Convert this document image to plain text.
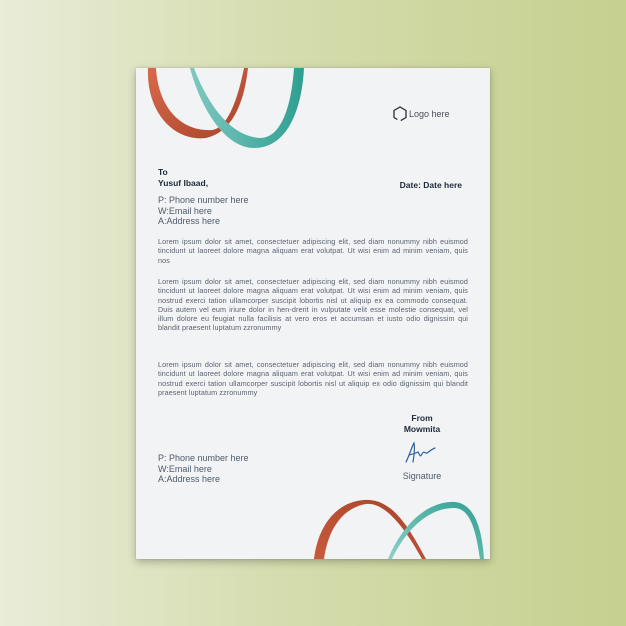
Logo here
Date: Date here
To
Yusuf Ibaad,
P: Phone number here
W:Email here
A:Address here
Lorem ipsum dolor sit amet, consectetuer adipiscing elit, sed diam nonummy nibh euismod tincidunt ut laoreet dolore magna aliquam erat volutpat. Ut wisi enim ad minim veniam, quis nos
Lorem ipsum dolor sit amet, consectetuer adipiscing elit, sed diam nonummy nibh euismod tincidunt ut laoreet dolore magna aliquam erat volutpat. Ut wisi enim ad minim veniam, quis nostrud exerci tation ullamcorper suscipit lobortis nisl ut aliquip ex ea commodo consequat. Duis autem vel eum iriure dolor in hen-drerit in vulputate velit esse molestie consequat, vel illum dolore eu feugiat nulla facilisis at vero eros et accumsan et iusto odio dignissim qui blandit praesent luptatum zzronummy
Lorem ipsum dolor sit amet, consectetuer adipiscing elit, sed diam nonummy nibh euismod tincidunt ut laoreet dolore magna aliquam erat volutpat. Ut wisi enim ad minim veniam, quis nostrud exerci tation ullamcorper suscipit lobortis nisl ut aliquip ex odio dignissim qui blandit praesent luptatum zzronummy
From
Mowmita
Signature
P: Phone number here
W:Email here
A:Address here
